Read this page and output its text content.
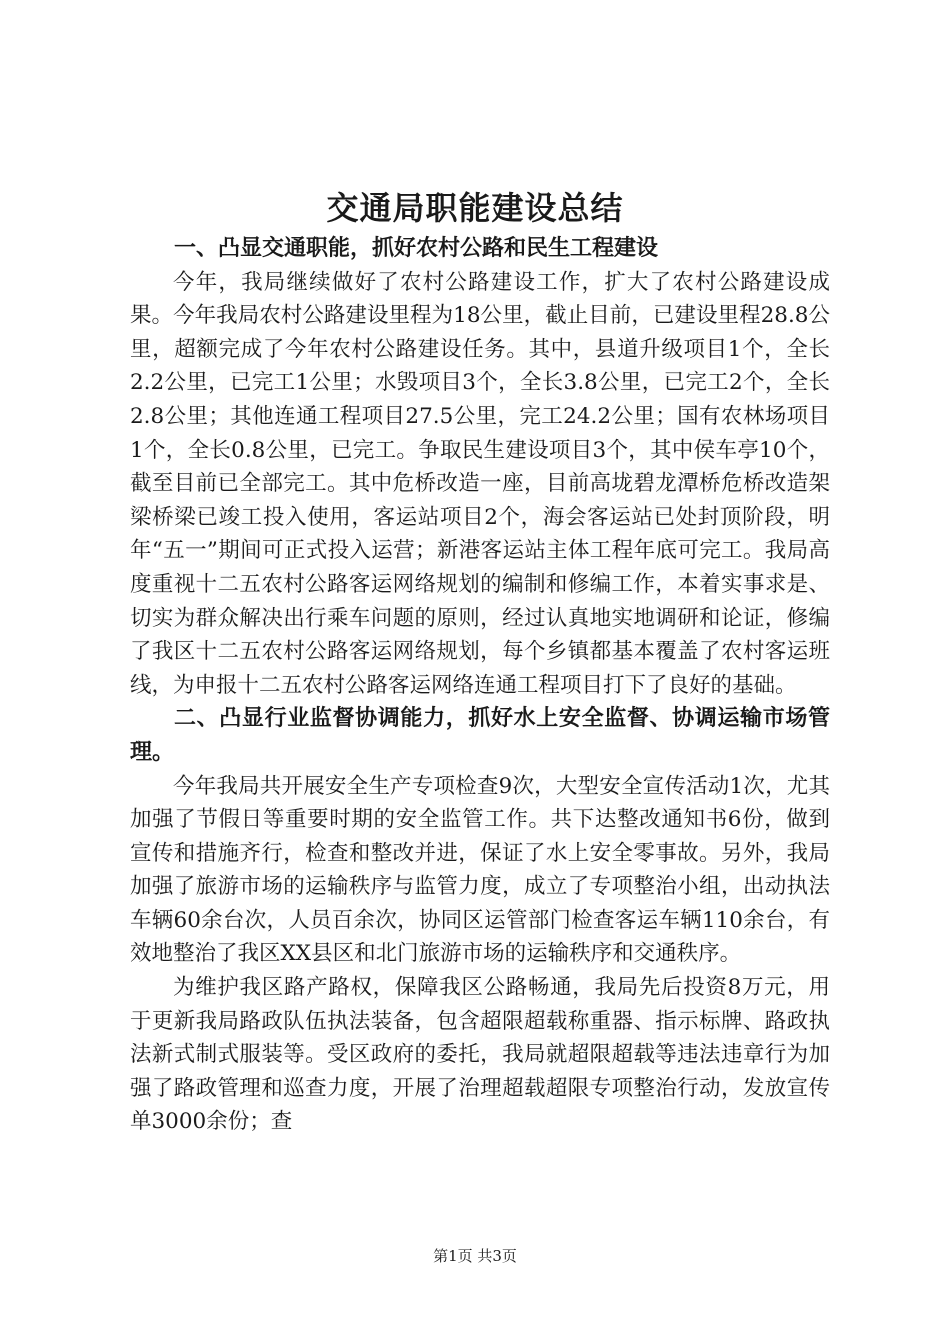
交通局职能建设总结

一、凸显交通职能，抓好农村公路和民生工程建设

今年，我局继续做好了农村公路建设工作，扩大了农村公路建设成果。今年我局农村公路建设里程为18公里，截止目前，已建设里程28.8公里，超额完成了今年农村公路建设任务。其中，县道升级项目1个，全长2.2公里，已完工1公里；水毁项目3个，全长3.8公里，已完工2个，全长2.8公里；其他连通工程项目27.5公里，完工24.2公里；国有农林场项目1个，全长0.8公里，已完工。争取民生建设项目3个，其中侯车亭10个，截至目前已全部完工。其中危桥改造一座，目前高垅碧龙潭桥危桥改造架梁桥梁已竣工投入使用，客运站项目2个，海会客运站已处封顶阶段，明年“五一”期间可正式投入运营；新港客运站主体工程年底可完工。我局高度重视十二五农村公路客运网络规划的编制和修编工作，本着实事求是、切实为群众解决出行乘车问题的原则，经过认真地实地调研和论证，修编了我区十二五农村公路客运网络规划，每个乡镇都基本覆盖了农村客运班线，为申报十二五农村公路客运网络连通工程项目打下了良好的基础。

二、凸显行业监督协调能力，抓好水上安全监督、协调运输市场管理。

今年我局共开展安全生产专项检查9次，大型安全宣传活动1次，尤其加强了节假日等重要时期的安全监管工作。共下达整改通知书6份，做到宣传和措施齐行，检查和整改并进，保证了水上安全零事故。另外，我局加强了旅游市场的运输秩序与监管力度，成立了专项整治小组，出动执法车辆60余台次，人员百余次，协同区运管部门检查客运车辆110余台，有效地整治了我区XX县区和北门旅游市场的运输秩序和交通秩序。

为维护我区路产路权，保障我区公路畅通，我局先后投资8万元，用于更新我局路政队伍执法装备，包含超限超载称重器、指示标牌、路政执法新式制式服装等。受区政府的委托，我局就超限超载等违法违章行为加强了路政管理和巡查力度，开展了治理超载超限专项整治行动，发放宣传单3000余份；查

第1页 共3页
